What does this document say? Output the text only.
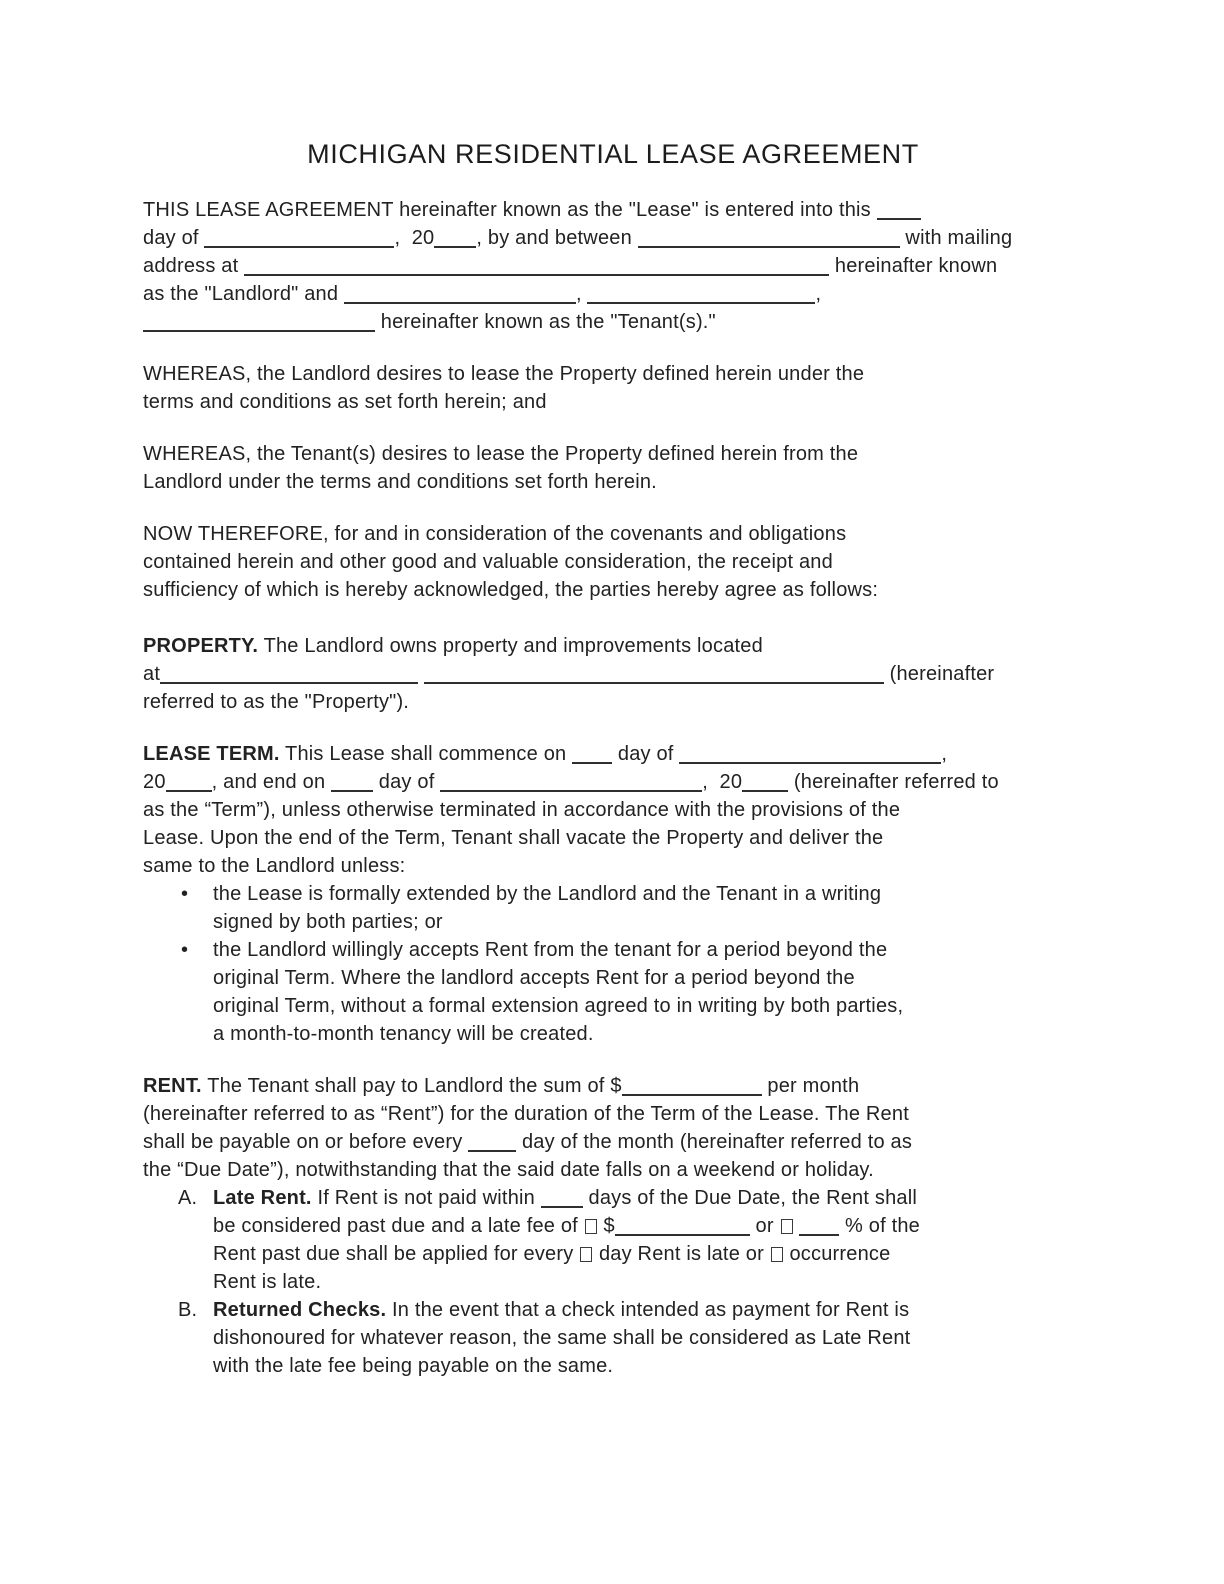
MICHIGAN RESIDENTIAL LEASE AGREEMENT

THIS LEASE AGREEMENT hereinafter known as the "Lease" is entered into this
day of	,  20 , by and between	with mailing
address at	hereinafter known
as the "Landlord" and	,	,
hereinafter known as the "Tenant(s)."

WHEREAS, the Landlord desires to lease the Property defined herein under the
terms and conditions as set forth herein; and

WHEREAS, the Tenant(s) desires to lease the Property defined herein from the
Landlord under the terms and conditions set forth herein.

NOW THEREFORE, for and in consideration of the covenants and obligations
contained herein and other good and valuable consideration, the receipt and
sufficiency of which is hereby acknowledged, the parties hereby agree as follows:

PROPERTY. The Landlord owns property and improvements located
at	(hereinafter
referred to as the "Property").

LEASE TERM. This Lease shall commence on  day of	,
20 , and end on  day of	,  20 (hereinafter referred to
as the “Term”), unless otherwise terminated in accordance with the provisions of the
Lease. Upon the end of the Term, Tenant shall vacate the Property and deliver the
same to the Landlord unless:

• the Lease is formally extended by the Landlord and the Tenant in a writing
signed by both parties; or
• the Landlord willingly accepts Rent from the tenant for a period beyond the
original Term. Where the landlord accepts Rent for a period beyond the
original Term, without a formal extension agreed to in writing by both parties,
a month-to-month tenancy will be created.

RENT. The Tenant shall pay to Landlord the sum of $	per month
(hereinafter referred to as “Rent”) for the duration of the Term of the Lease. The Rent
shall be payable on or before every  day of the month (hereinafter referred to as
the “Due Date”), notwithstanding that the said date falls on a weekend or holiday.

A. Late Rent. If Rent is not paid within  days of the Due Date, the Rent shall
be considered past due and a late fee of  $	or	% of the
Rent past due shall be applied for every  day Rent is late or  occurrence
Rent is late.
B. Returned Checks. In the event that a check intended as payment for Rent is
dishonoured for whatever reason, the same shall be considered as Late Rent
with the late fee being payable on the same.
